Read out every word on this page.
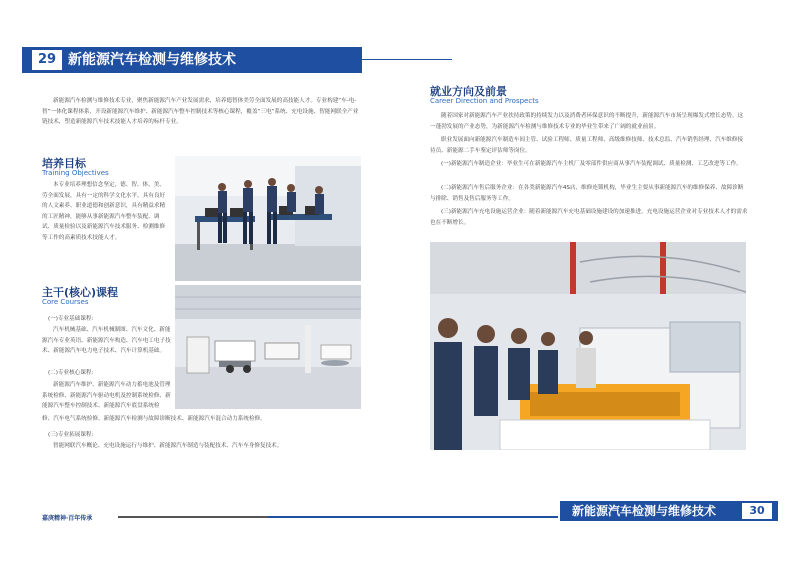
29 新能源汽车检测与维修技术
新能源汽车检测与维修技术专业，聚焦新能源汽车产业发展需求，培养德智体美劳全面发展的高技能人才。专业构建“车-电-智”一体化课程体系，开设新能源汽车维护、新能源汽车整车控制技术等核心课程，覆盖“三电”系统、充电设施、智能网联全产业链技术，塑造新能源汽车技术技能人才培养的标杆专业。
培养目标
Training Objectives
本专业培养理想信念坚定，德、智、体、美、劳全面发展，具有一定的科学文化水平，具有良好的人文素养、职业道德和创新意识，具有精益求精的工匠精神，能够从事新能源汽车整车装配、调试、质量检验以及新能源汽车技术服务、检测维修等工作的高素质技术技能人才。
主干(核心)课程
Core Courses
(一)专业基础课程:
汽车机械基础、汽车机械制图、汽车文化、新能源汽车专业英语、新能源汽车构造、汽车电工电子技术、新能源汽车电力电子技术、汽车计算机基础。
(二)专业核心课程:
新能源汽车维护、新能源汽车动力蓄电池及管理系统检修、新能源汽车驱动电机及控制系统检修、新能源汽车整车控制技术、新能源汽车底盘系统检
修、汽车电气系统检修、新能源汽车检测与故障诊断技术、新能源汽车混合动力系统检修。
(三)专业拓展课程:
智能网联汽车概论、充电设施运行与维护、新能源汽车制造与装配技术、汽车车身修复技术。
就业方向及前景
Career Direction and Prospects
随着国家对新能源汽车产业扶持政策的持续发力以及消费者环保意识的不断提升，新能源汽车市场呈现爆发式增长态势。这一蓬勃发展的产业态势，为新能源汽车检测与维修技术专业的毕业生带来了广阔的就业前景。
职业发展面向新能源汽车制造车间主管、试验工程师、质量工程师、高级维修技师、技术总监、汽车销售经理、汽车维修接待员、新能源二手车鉴定评估师等岗位。
(一)新能源汽车制造企业：毕业生可在新能源汽车主机厂及零部件供应商从事汽车装配调试、质量检测、工艺改进等工作。
(二)新能源汽车售后服务企业：在各类新能源汽车4S店、维修连锁机构，毕业生主要从事新能源汽车的维修保养、故障诊断与排除、销售及售后服务等工作。
(三)新能源汽车充电设施运营企业：随着新能源汽车充电基础设施建设的加速推进，充电设施运营企业对专业技术人才的需求也在不断增长。
嘉庚精神·百年传承
新能源汽车检测与维修技术	30
